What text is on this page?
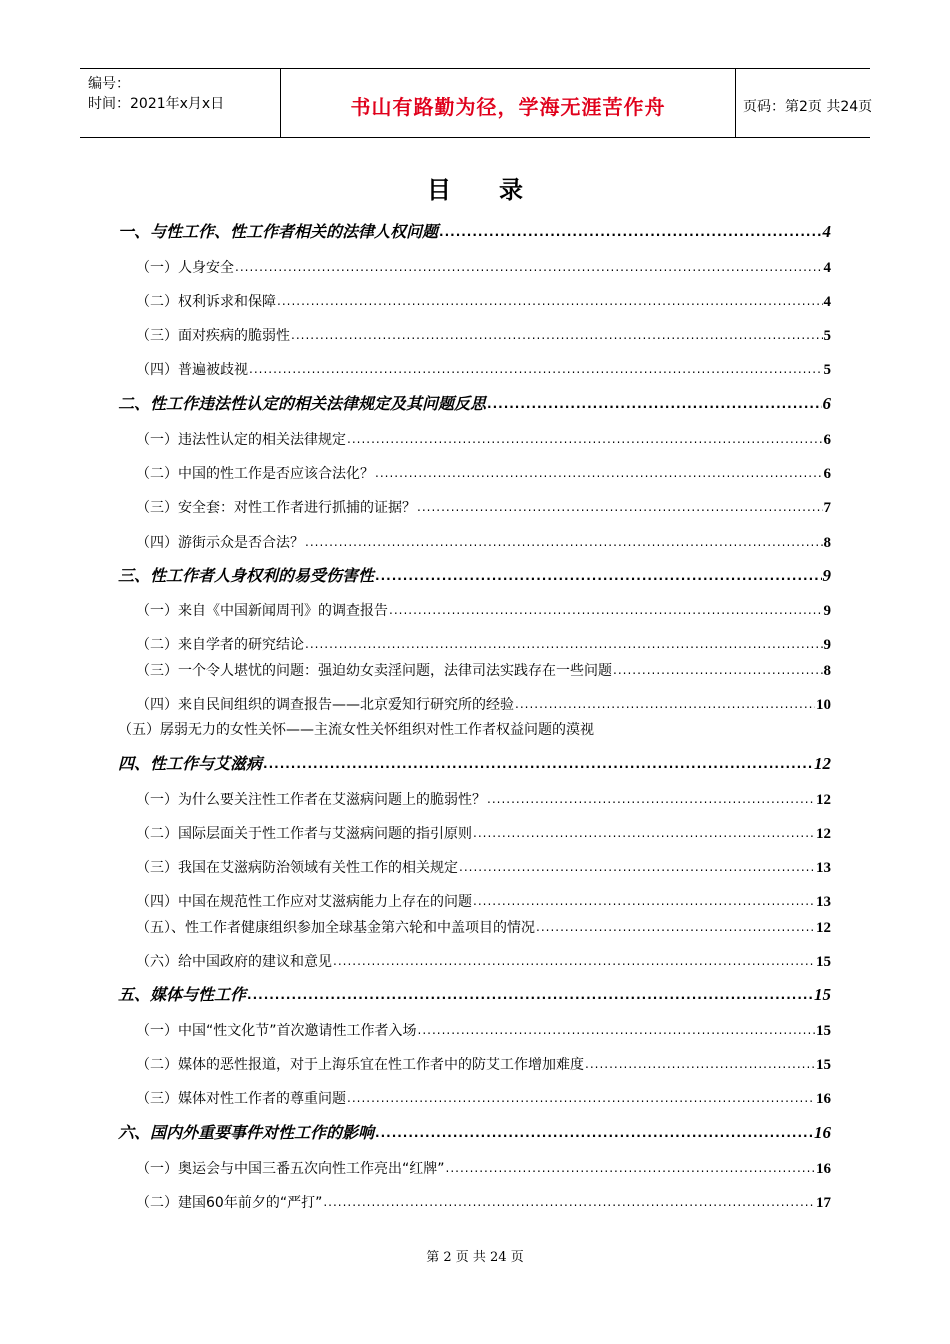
编号：
时间：2021年x月x日	书山有路勤为径，学海无涯苦作舟	页码：第2页 共24页
目录
一、与性工作、性工作者相关的法律人权问题 .....	4
（一）人身安全 .....	4
（二）权利诉求和保障 .....	4
（三）面对疾病的脆弱性 .....	5
（四）普遍被歧视 .....	5
二、性工作违法性认定的相关法律规定及其问题反思 .....	6
（一）违法性认定的相关法律规定 .....	6
（二）中国的性工作是否应该合法化？ .....	6
（三）安全套：对性工作者进行抓捕的证据？ .....	7
（四）游街示众是否合法？ .....	8
三、性工作者人身权利的易受伤害性 .....	9
（一）来自《中国新闻周刊》的调查报告 .....	9
（二）来自学者的研究结论 .....	9
（三）一个令人堪忧的问题：强迫幼女卖淫问题，法律司法实践存在一些问题 .....	8
（四）来自民间组织的调查报告——北京爱知行研究所的经验 .....	10
（五）孱弱无力的女性关怀——主流女性关怀组织对性工作者权益问题的漠视
四、性工作与艾滋病 .....	12
（一）为什么要关注性工作者在艾滋病问题上的脆弱性？ .....	12
（二）国际层面关于性工作者与艾滋病问题的指引原则 .....	12
（三）我国在艾滋病防治领域有关性工作的相关规定 .....	13
（四）中国在规范性工作应对艾滋病能力上存在的问题 .....	13
（五）、性工作者健康组织参加全球基金第六轮和中盖项目的情况 .....	12
（六）给中国政府的建议和意见 .....	15
五、媒体与性工作 .....	15
（一）中国“性文化节”首次邀请性工作者入场 .....	15
（二）媒体的恶性报道，对于上海乐宜在性工作者中的防艾工作增加难度 .....	15
（三）媒体对性工作者的尊重问题 .....	16
六、国内外重要事件对性工作的影响 .....	16
（一）奥运会与中国三番五次向性工作亮出“红牌” .....	16
（二）建国60年前夕的“严打” .....	17
第 2 页 共 24 页
